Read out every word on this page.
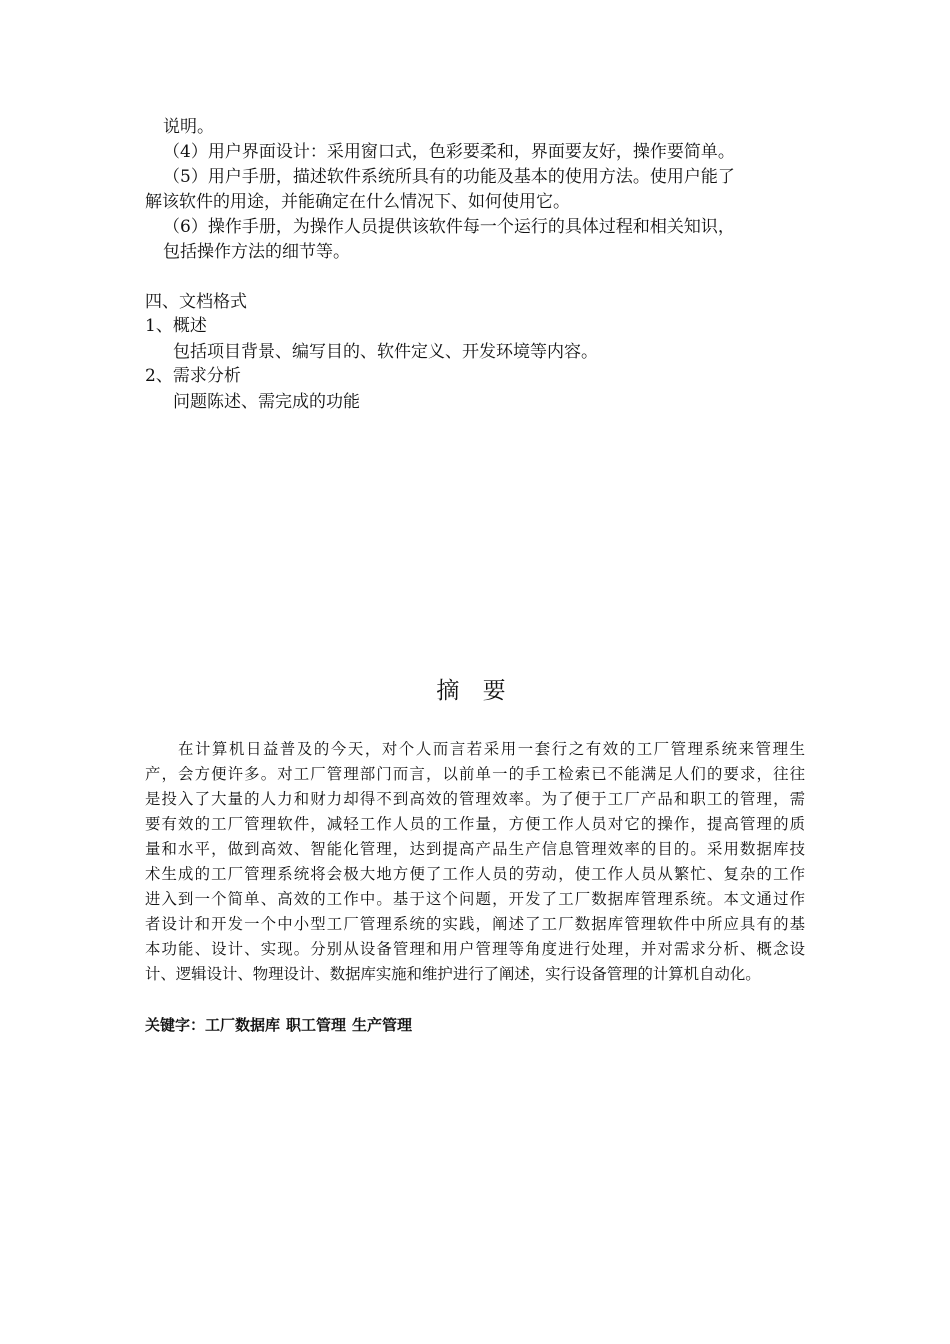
说明。
（4）用户界面设计：采用窗口式，色彩要柔和，界面要友好，操作要简单。
（5）用户手册，描述软件系统所具有的功能及基本的使用方法。使用户能了
解该软件的用途，并能确定在什么情况下、如何使用它。
（6）操作手册，为操作人员提供该软件每一个运行的具体过程和相关知识，
包括操作方法的细节等。
四、文档格式
1、概述
包括项目背景、编写目的、软件定义、开发环境等内容。
2、需求分析
问题陈述、需完成的功能
摘 要
在计算机日益普及的今天，对个人而言若采用一套行之有效的工厂管理系统来管理生
产，会方便许多。对工厂管理部门而言，以前单一的手工检索已不能满足人们的要求，往往
是投入了大量的人力和财力却得不到高效的管理效率。为了便于工厂产品和职工的管理，需
要有效的工厂管理软件，减轻工作人员的工作量，方便工作人员对它的操作，提高管理的质
量和水平，做到高效、智能化管理，达到提高产品生产信息管理效率的目的。采用数据库技
术生成的工厂管理系统将会极大地方便了工作人员的劳动，使工作人员从繁忙、复杂的工作
进入到一个简单、高效的工作中。基于这个问题，开发了工厂数据库管理系统。本文通过作
者设计和开发一个中小型工厂管理系统的实践，阐述了工厂数据库管理软件中所应具有的基
本功能、设计、实现。分别从设备管理和用户管理等角度进行处理，并对需求分析、概念设
计、逻辑设计、物理设计、数据库实施和维护进行了阐述，实行设备管理的计算机自动化。
关键字：工厂数据库 职工管理 生产管理
